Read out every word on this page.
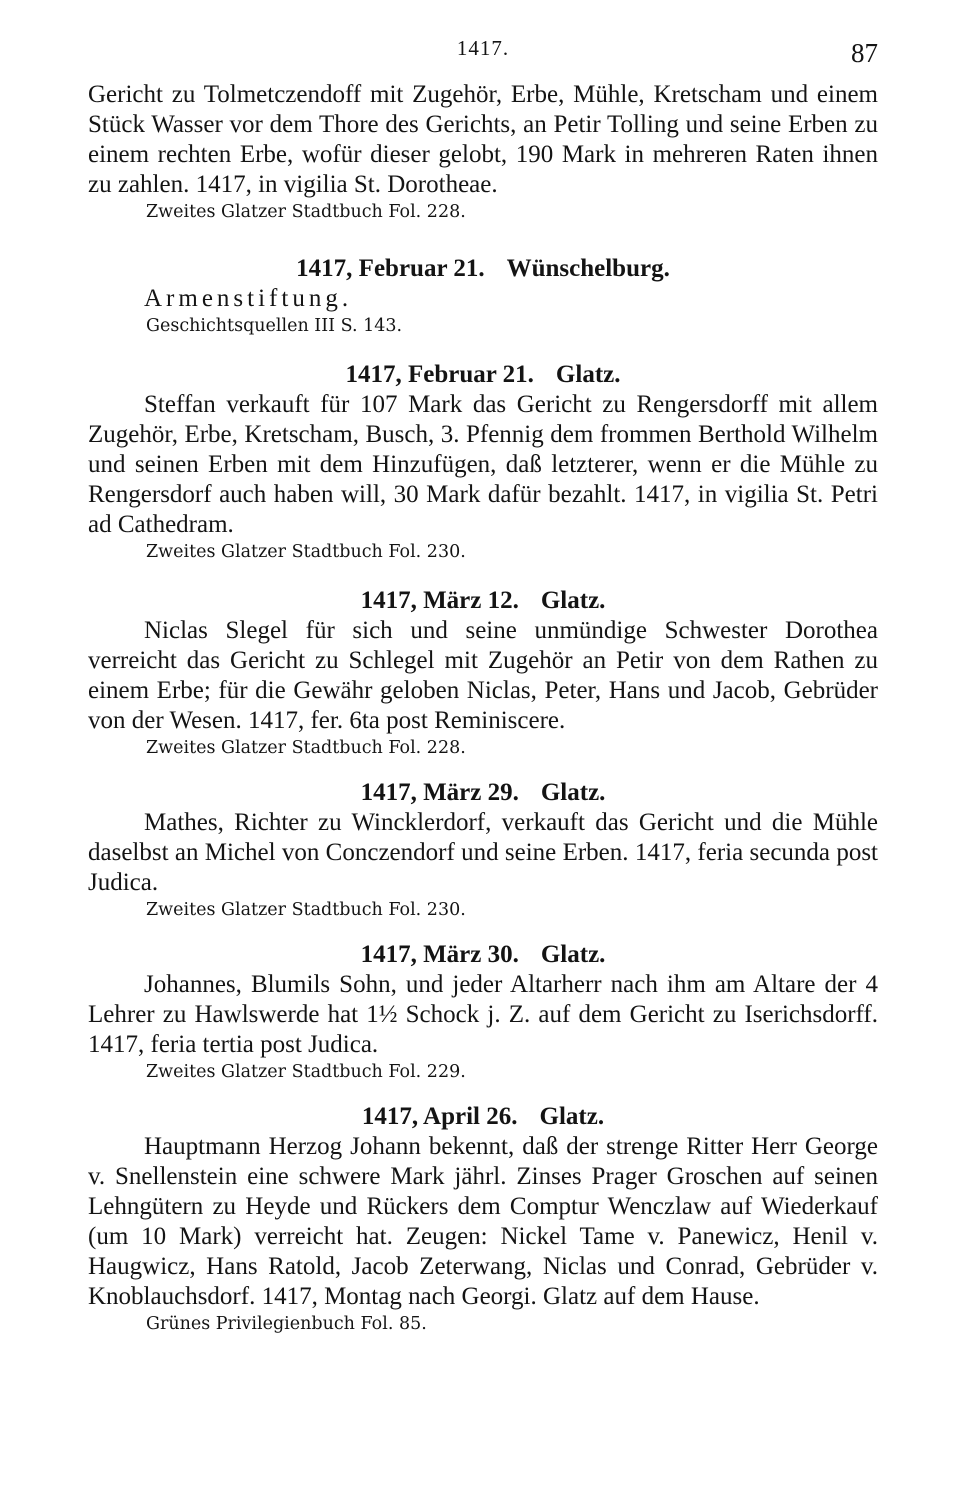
1417.	87

Gericht zu Tolmetczendoff mit Zugehör, Erbe, Mühle, Kretscham und einem Stück Wasser vor dem Thore des Gerichts, an Petir Tolling und seine Erben zu einem rechten Erbe, wofür dieser gelobt, 190 Mark in mehreren Raten ihnen zu zahlen. 1417, in vigilia St. Dorotheae.

Zweites Glatzer Stadtbuch Fol. 228.

1417, Februar 21. Wünschelburg.

Armenstiftung.

Geschichtsquellen III S. 143.

1417, Februar 21. Glatz.

Steffan verkauft für 107 Mark das Gericht zu Rengersdorff mit allem Zugehör, Erbe, Kretscham, Busch, 3. Pfennig dem frommen Berthold Wilhelm und seinen Erben mit dem Hinzufügen, daß letzterer, wenn er die Mühle zu Rengersdorf auch haben will, 30 Mark dafür bezahlt. 1417, in vigilia St. Petri ad Cathedram.

Zweites Glatzer Stadtbuch Fol. 230.

1417, März 12. Glatz.

Niclas Slegel für sich und seine unmündige Schwester Dorothea verreicht das Gericht zu Schlegel mit Zugehör an Petir von dem Rathen zu einem Erbe; für die Gewähr geloben Niclas, Peter, Hans und Jacob, Gebrüder von der Wesen. 1417, fer. 6ta post Reminiscere.

Zweites Glatzer Stadtbuch Fol. 228.

1417, März 29. Glatz.

Mathes, Richter zu Wincklerdorf, verkauft das Gericht und die Mühle daselbst an Michel von Conczendorf und seine Erben. 1417, feria secunda post Judica.

Zweites Glatzer Stadtbuch Fol. 230.

1417, März 30. Glatz.

Johannes, Blumils Sohn, und jeder Altarherr nach ihm am Altare der 4 Lehrer zu Hawlswerde hat 1½ Schock j. Z. auf dem Gericht zu Iserichsdorff. 1417, feria tertia post Judica.

Zweites Glatzer Stadtbuch Fol. 229.

1417, April 26. Glatz.

Hauptmann Herzog Johann bekennt, daß der strenge Ritter Herr George v. Snellenstein eine schwere Mark jährl. Zinses Prager Groschen auf seinen Lehngütern zu Heyde und Rückers dem Comptur Wenczlaw auf Wiederkauf (um 10 Mark) verreicht hat. Zeugen: Nickel Tame v. Panewicz, Henil v. Haugwicz, Hans Ratold, Jacob Zeterwang, Niclas und Conrad, Gebrüder v. Knoblauchsdorf. 1417, Montag nach Georgi. Glatz auf dem Hause.

Grünes Privilegienbuch Fol. 85.
